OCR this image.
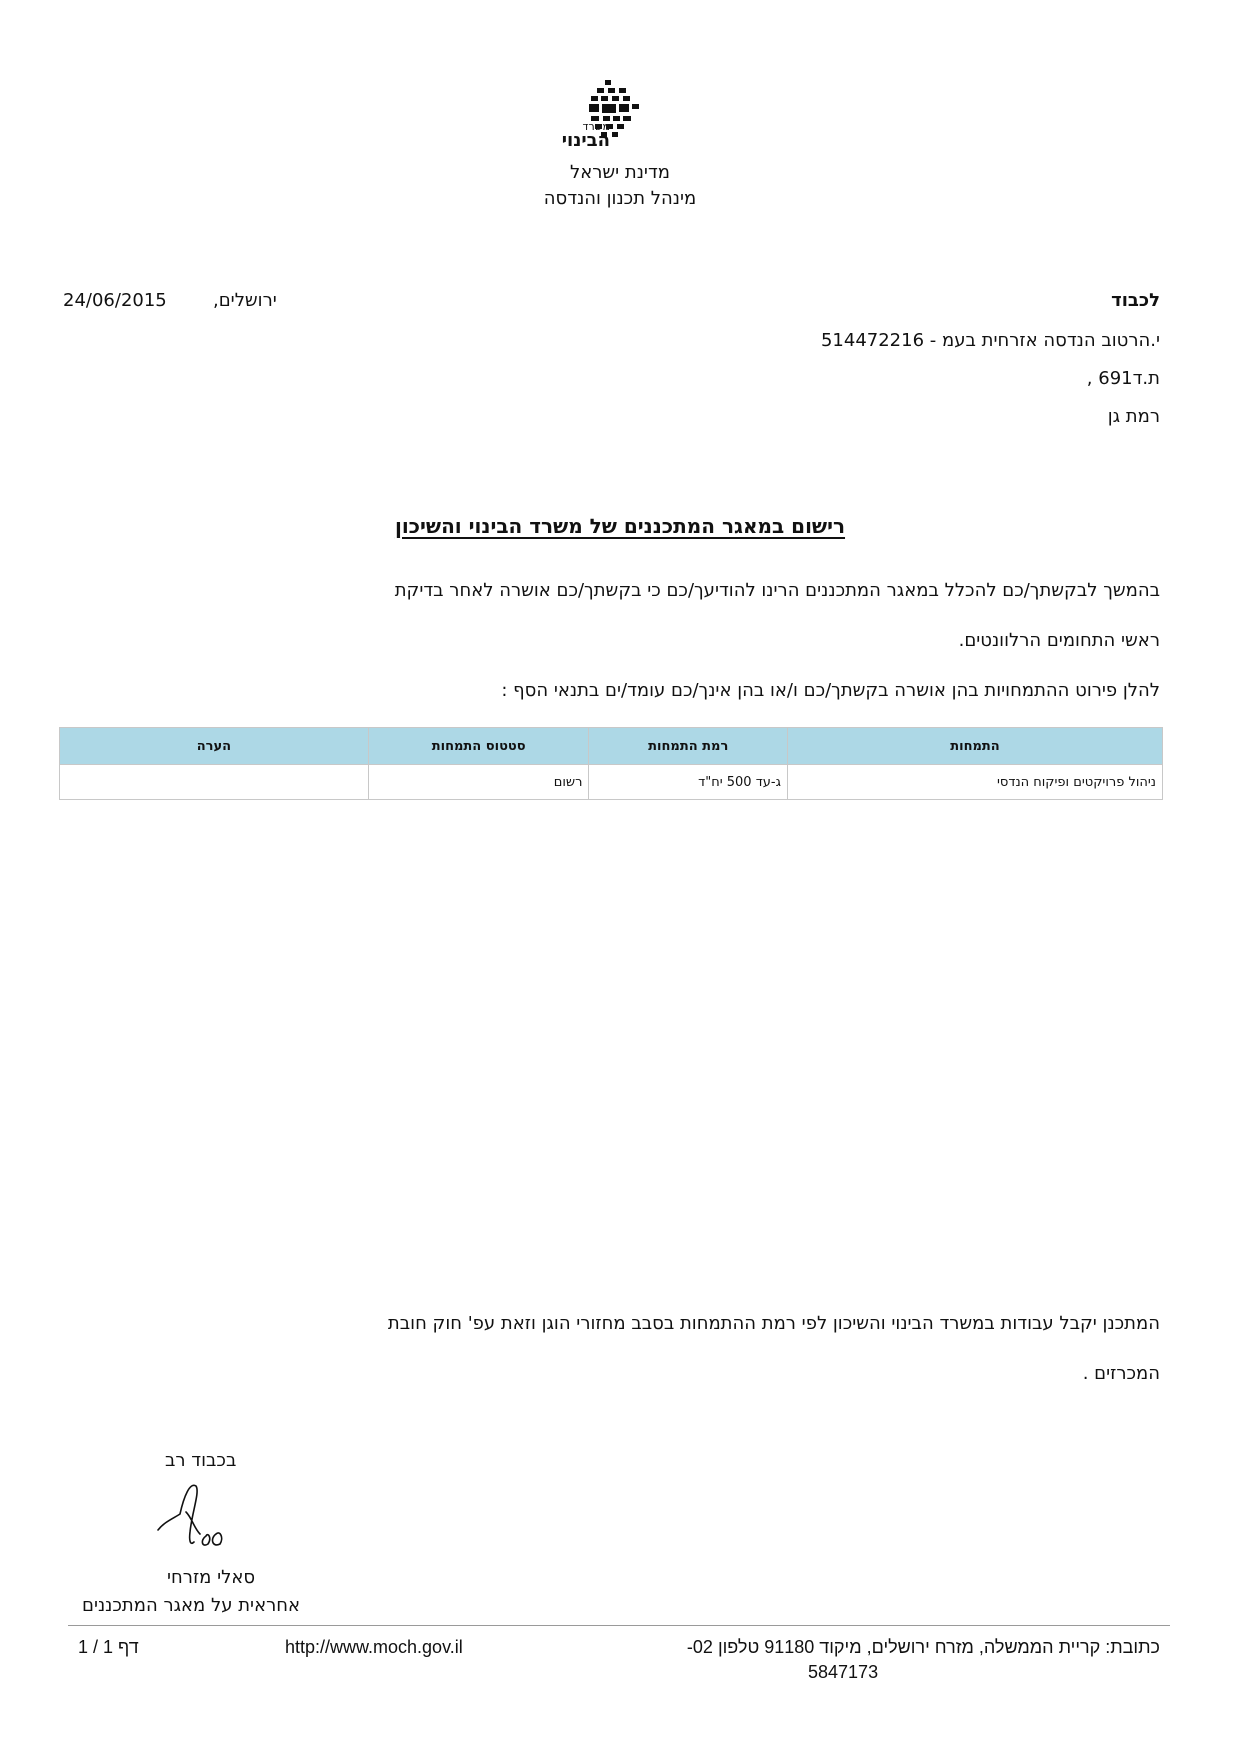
משרד
הבינוי
מדינת ישראל
מינהל תכנון והנדסה
לכבוד
ירושלים,
24/06/2015
י.הרטוב הנדסה אזרחית בעמ - 514472216
ת.ד691 ,
רמת גן
רישום במאגר המתכננים של משרד הבינוי והשיכון
בהמשך לבקשתך/כם להכלל במאגר המתכננים הרינו להודיעך/כם כי בקשתך/כם אושרה לאחר בדיקת
ראשי התחומים הרלוונטים.
להלן פירוט ההתמחויות בהן אושרה בקשתך/כם ו/או בהן אינך/כם עומד/ים בתנאי הסף :
התמחות	רמת התמחות	סטטוס התמחות	הערה
ניהול פרויקטים ופיקוח הנדסי	ג-עד 500 יח"ד	רשום	
המתכנן יקבל עבודות במשרד הבינוי והשיכון לפי רמת ההתמחות בסבב מחזורי הוגן וזאת עפ' חוק חובת
המכרזים .
בכבוד רב
סאלי מזרחי
אחראית על מאגר המתכננים
כתובת: קריית הממשלה, מזרח ירושלים, מיקוד 91180 טלפון 02-
5847173
http://www.moch.gov.il
דף 1 / 1
